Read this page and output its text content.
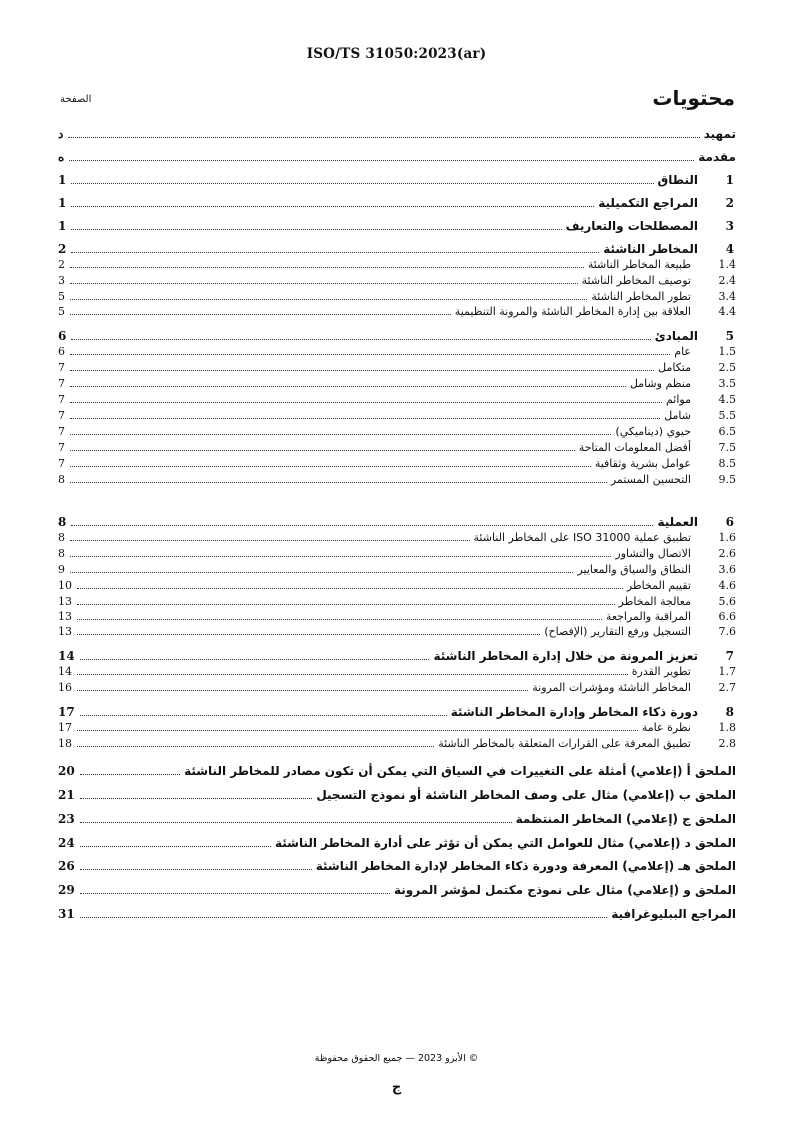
ISO/TS 31050:2023(ar)
محتويات
الصفحة
تمهيد
د
مقدمة
ه
1
النطاق
1
2
المراجع التكميلية
1
3
المصطلحات والتعاريف
1
4
المخاطر الناشئة
2
1.4
طبيعة المخاطر الناشئة
2
2.4
توصيف المخاطر الناشئة
3
3.4
تطور المخاطر الناشئة
5
4.4
العلاقة بين إدارة المخاطر الناشئة والمرونة التنظيمية
5
5
المبادئ
6
1.5
عام
6
2.5
متكامل
7
3.5
منظم وشامل
7
4.5
موائم
7
5.5
شامل
7
6.5
حيوي (ديناميكي)
7
7.5
أفضل المعلومات المتاحة
7
8.5
عوامل بشرية وثقافية
7
9.5
التحسين المستمر
8
6
العملية
8
1.6
تطبيق عملية ISO 31000 على المخاطر الناشئة
8
2.6
الاتصال والتشاور
8
3.6
النطاق والسياق والمعايير
9
4.6
تقييم المخاطر
10
5.6
معالجة المخاطر
13
6.6
المراقبة والمراجعة
13
7.6
التسجيل ورفع التقارير (الإفصاح)
13
7
تعزيز المرونة من خلال إدارة المخاطر الناشئة
14
1.7
تطوير القدرة
14
2.7
المخاطر الناشئة ومؤشرات المرونة
16
8
دورة ذكاء المخاطر وإدارة المخاطر الناشئة
17
1.8
نظرة عامة
17
2.8
تطبيق المعرفة على القرارات المتعلقة بالمخاطر الناشئة
18
الملحق أ (إعلامي) أمثلة على التغييرات في السياق التي يمكن أن تكون مصادر للمخاطر الناشئة
20
الملحق ب (إعلامي) مثال على وصف المخاطر الناشئة أو نموذج التسجيل
21
الملحق ج (إعلامي) المخاطر المنتظمة
23
الملحق د (إعلامي) مثال للعوامل التي يمكن أن تؤثر على أدارة المخاطر الناشئة
24
الملحق هـ (إعلامي) المعرفة ودورة ذكاء المخاطر لإدارة المخاطر الناشئة
26
الملحق و (إعلامي) مثال على نموذج مكتمل لمؤشر المرونة
29
المراجع الببليوغرافية
31
© الأيزو 2023 — جميع الحقوق محفوظة
ج
